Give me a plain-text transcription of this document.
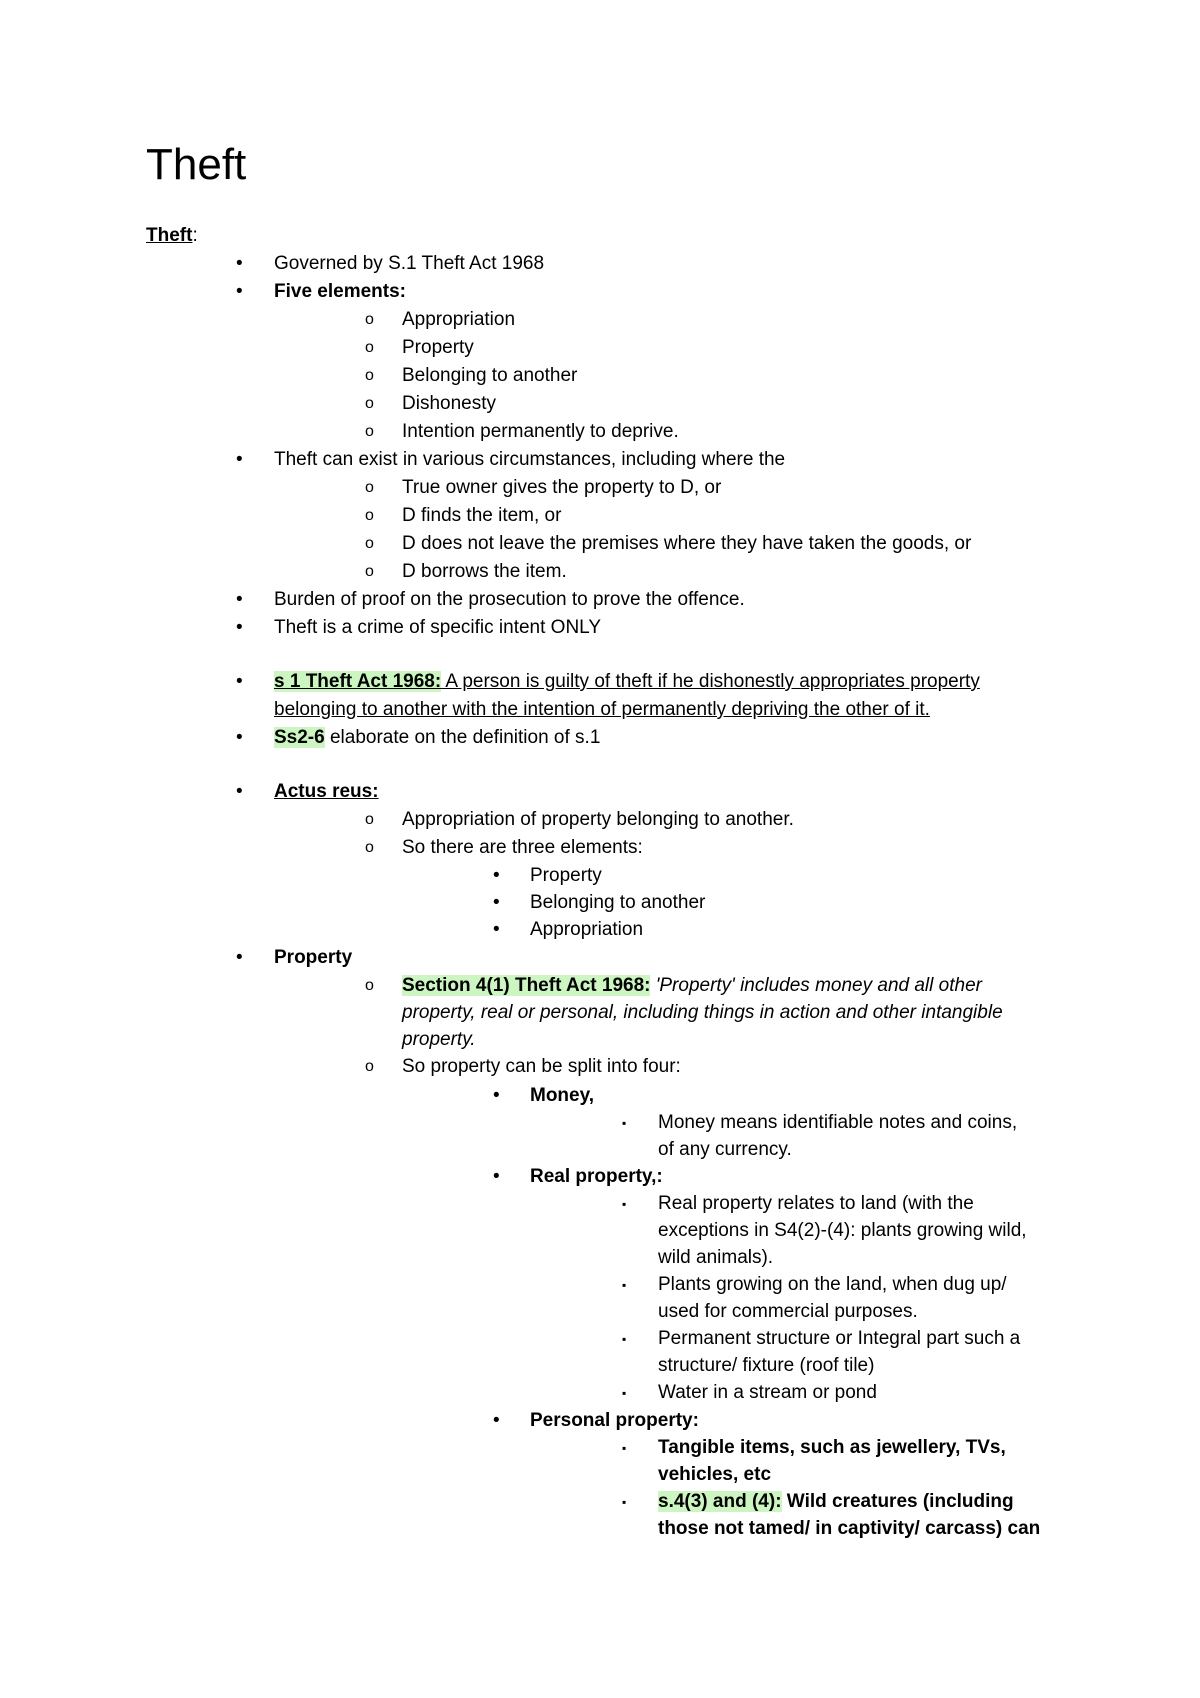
Theft
Theft:
• Governed by S.1 Theft Act 1968
• Five elements:
o Appropriation
o Property
o Belonging to another
o Dishonesty
o Intention permanently to deprive.
• Theft can exist in various circumstances, including where the
o True owner gives the property to D, or
o D finds the item, or
o D does not leave the premises where they have taken the goods, or
o D borrows the item.
• Burden of proof on the prosecution to prove the offence.
• Theft is a crime of specific intent ONLY
• s 1 Theft Act 1968: A person is guilty of theft if he dishonestly appropriates property
belonging to another with the intention of permanently depriving the other of it.
• Ss2-6 elaborate on the definition of s.1
• Actus reus:
o Appropriation of property belonging to another.
o So there are three elements:
• Property
• Belonging to another
• Appropriation
• Property
o Section 4(1) Theft Act 1968: 'Property' includes money and all other
property, real or personal, including things in action and other intangible
property.
o So property can be split into four:
• Money,
▪ Money means identifiable notes and coins,
of any currency.
• Real property,:
▪ Real property relates to land (with the
exceptions in S4(2)-(4): plants growing wild,
wild animals).
▪ Plants growing on the land, when dug up/
used for commercial purposes.
▪ Permanent structure or Integral part such a
structure/ fixture (roof tile)
▪ Water in a stream or pond
• Personal property:
▪ Tangible items, such as jewellery, TVs,
vehicles, etc
▪ s.4(3) and (4): Wild creatures (including
those not tamed/ in captivity/ carcass) can
